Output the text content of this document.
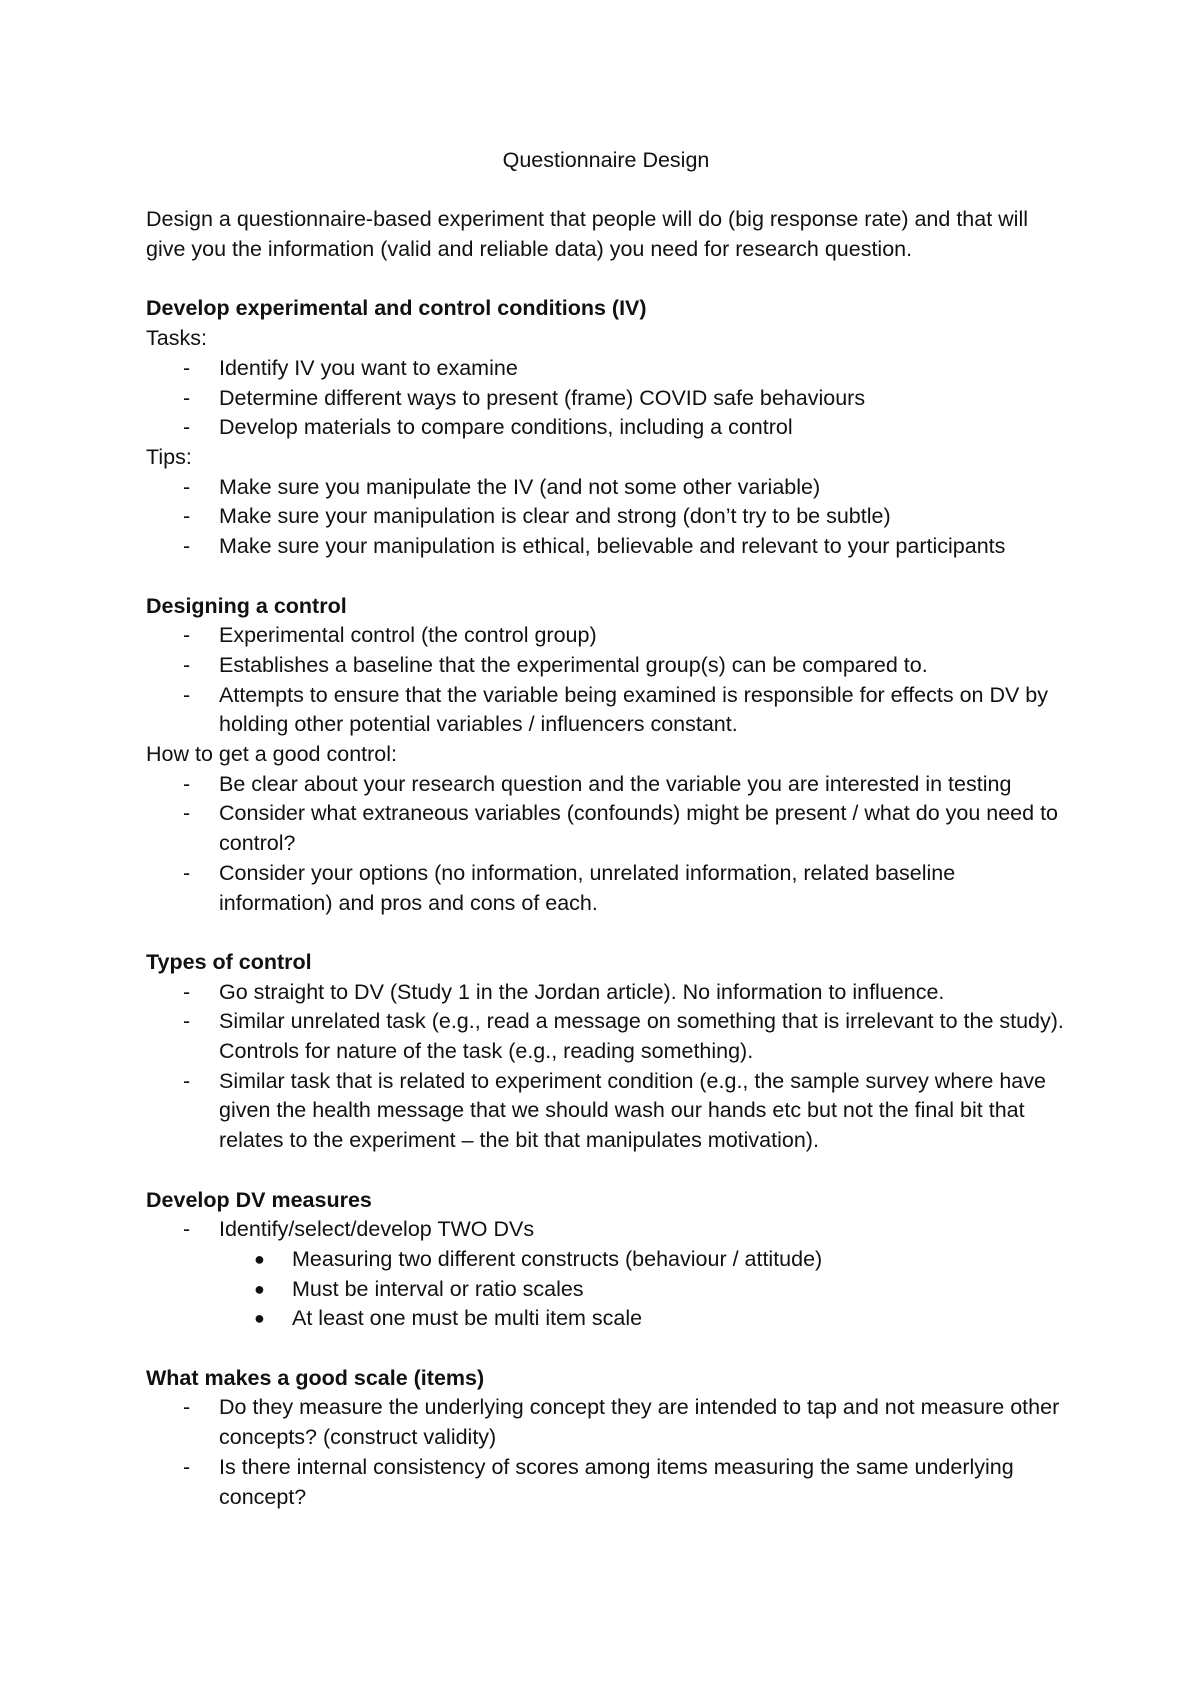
Questionnaire Design

Design a questionnaire-based experiment that people will do (big response rate) and that will give you the information (valid and reliable data) you need for research question.

Develop experimental and control conditions (IV)

Tasks:

- Identify IV you want to examine
- Determine different ways to present (frame) COVID safe behaviours
- Develop materials to compare conditions, including a control

Tips:

- Make sure you manipulate the IV (and not some other variable)
- Make sure your manipulation is clear and strong (don’t try to be subtle)
- Make sure your manipulation is ethical, believable and relevant to your participants

Designing a control

- Experimental control (the control group)
- Establishes a baseline that the experimental group(s) can be compared to.
- Attempts to ensure that the variable being examined is responsible for effects on DV by holding other potential variables / influencers constant.

How to get a good control:

- Be clear about your research question and the variable you are interested in testing
- Consider what extraneous variables (confounds) might be present / what do you need to control?
- Consider your options (no information, unrelated information, related baseline information) and pros and cons of each.

Types of control

- Go straight to DV (Study 1 in the Jordan article). No information to influence.
- Similar unrelated task (e.g., read a message on something that is irrelevant to the study). Controls for nature of the task (e.g., reading something).
- Similar task that is related to experiment condition (e.g., the sample survey where have given the health message that we should wash our hands etc but not the final bit that relates to the experiment – the bit that manipulates motivation).

Develop DV measures

- Identify/select/develop TWO DVs
● Measuring two different constructs (behaviour / attitude)
● Must be interval or ratio scales
● At least one must be multi item scale

What makes a good scale (items)

- Do they measure the underlying concept they are intended to tap and not measure other concepts? (construct validity)
- Is there internal consistency of scores among items measuring the same underlying concept?
